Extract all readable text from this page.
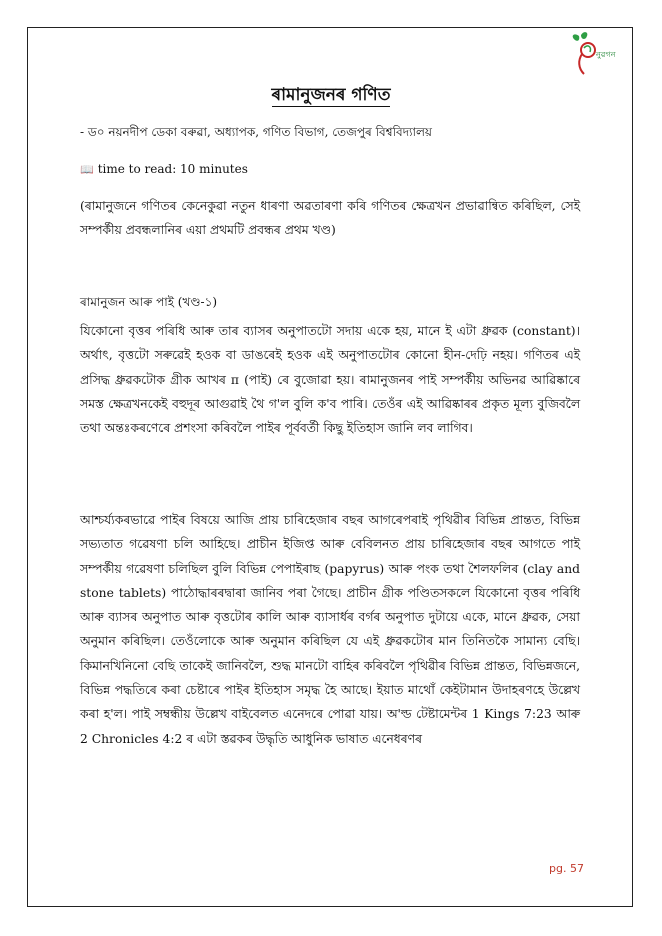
নুৱগন
ৰামানুজনৰ গণিত
- ড০ নয়নদীপ ডেকা বৰুৱা, অধ্যাপক, গণিত বিভাগ, তেজপুৰ বিশ্ববিদ্যালয়
📖 time to read: 10 minutes
(ৰামানুজনে গণিতৰ কেনেকুৱা নতুন ধাৰণা অৱতাৰণা কৰি গণিতৰ ক্ষেত্ৰখন প্ৰভাৱান্বিত কৰিছিল, সেই সম্পৰ্কীয় প্ৰবন্ধলানিৰ এয়া প্ৰথমটি প্ৰবন্ধৰ প্ৰথম খণ্ড)
ৰামানুজন আৰু পাই (খণ্ড-১)
যিকোনো বৃত্তৰ পৰিধি আৰু তাৰ ব্যাসৰ অনুপাতটো সদায় একে হয়, মানে ই এটা ধ্ৰুৱক (constant)। অৰ্থাৎ, বৃত্তটো সৰুৱেই হওক বা ডাঙৰেই হওক এই অনুপাতটোৰ কোনো হীন-দেঢ়ি নহয়। গণিতৰ এই প্ৰসিদ্ধ ধ্ৰুৱকটোক গ্ৰীক আখৰ π (পাই) ৰে বুজোৱা হয়। ৰামানুজনৰ পাই সম্পৰ্কীয় অভিনৱ আৱিষ্কাৰে সমস্ত ক্ষেত্ৰখনকেই বহুদূৰ আগুৱাই থৈ গ'ল বুলি ক'ব পাৰি। তেওঁৰ এই আৱিষ্কাৰৰ প্ৰকৃত মূল্য বুজিবলৈ তথা অন্তঃকৰণেৰে প্ৰশংসা কৰিবলৈ পাইৰ পূৰ্ববৰ্তী কিছু ইতিহাস জানি লব লাগিব।
আশ্চৰ্য্যকৰভাৱে পাইৰ বিষয়ে আজি প্ৰায় চাৰিহেজাৰ বছৰ আগৰেপৰাই পৃথিৱীৰ বিভিন্ন প্ৰান্তত, বিভিন্ন সভ্যতাত গৱেষণা চলি আহিছে। প্ৰাচীন ইজিপ্ত আৰু বেবিলনত প্ৰায় চাৰিহেজাৰ বছৰ আগতে পাই সম্পৰ্কীয় গৱেষণা চলিছিল বুলি বিভিন্ন পেপাইৰাছ (papyrus) আৰু পংক তথা শৈলফলিৰ (clay and stone tablets) পাঠোদ্ধাৰৰদ্বাৰা জানিব পৰা গৈছে। প্ৰাচীন গ্ৰীক পণ্ডিতসকলে যিকোনো বৃত্তৰ পৰিধি আৰু ব্যাসৰ অনুপাত আৰু বৃত্তটোৰ কালি আৰু ব্যাসাৰ্ধৰ বৰ্গৰ অনুপাত দুটায়ে একে, মানে ধ্ৰুৱক, সেয়া অনুমান কৰিছিল। তেওঁলোকে আৰু অনুমান কৰিছিল যে এই ধ্ৰুৱকটোৰ মান তিনিতকৈ সামান্য বেছি। কিমানখিনিনো বেছি তাকেই জানিবলৈ, শুদ্ধ মানটো বাহিৰ কৰিবলৈ পৃথিৱীৰ বিভিন্ন প্ৰান্তত, বিভিন্নজনে, বিভিন্ন পদ্ধতিৰে কৰা চেষ্টাৰে পাইৰ ইতিহাস সমৃদ্ধ হৈ আছে। ইয়াত মাথোঁ কেইটামান উদাহৰণহে উল্লেখ কৰা হ'ল। পাই সম্বন্ধীয় উল্লেখ বাইবেলত এনেদৰে পোৱা যায়। অ'ল্ড টেষ্টামেন্টৰ 1 Kings 7:23 আৰু 2 Chronicles 4:2 ৰ এটা স্তৱকৰ উদ্ধৃতি আধুনিক ভাষাত এনেধৰণৰ
pg. 57
